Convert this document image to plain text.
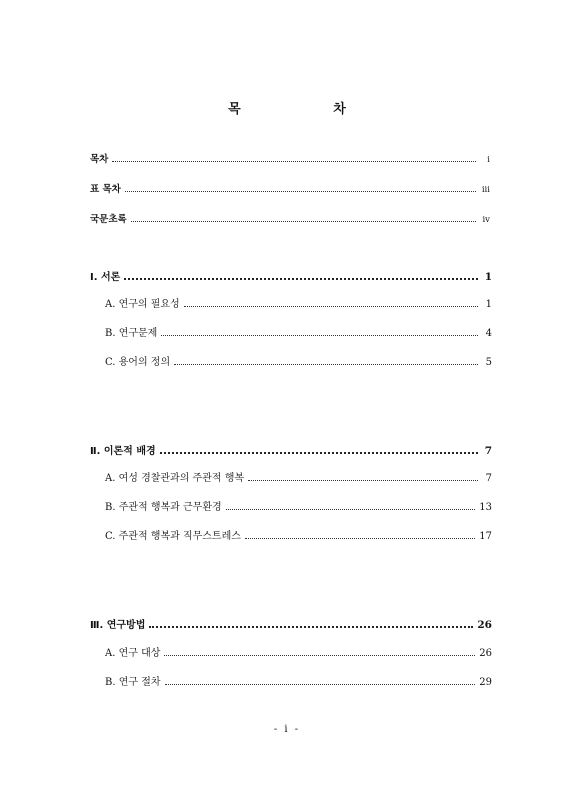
목 차
목차	i
표 목차	iii
국문초록	iv
Ⅰ. 서론	1
A. 연구의 필요성	1
B. 연구문제	4
C. 용어의 정의	5
Ⅱ. 이론적 배경	7
A. 여성 경찰관과의 주관적 행복	7
B. 주관적 행복과 근무환경	13
C. 주관적 행복과 직무스트레스	17
Ⅲ. 연구방법	26
A. 연구 대상	26
B. 연구 절차	29
- i -
